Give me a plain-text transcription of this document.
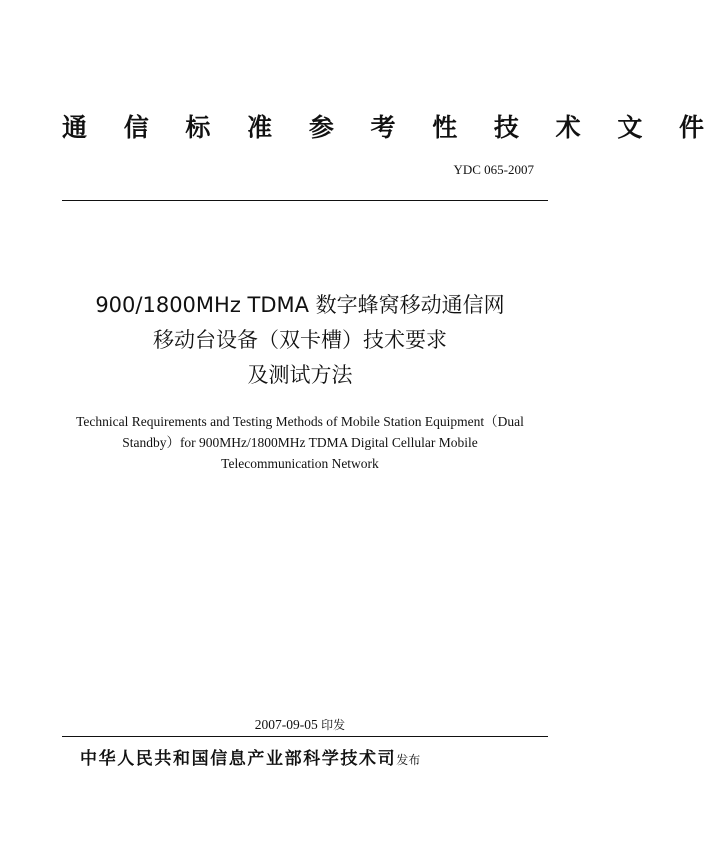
通 信 标 准 参 考 性 技 术 文 件
YDC 065-2007
900/1800MHz TDMA 数字蜂窝移动通信网
移动台设备（双卡槽）技术要求
及测试方法
Technical Requirements and Testing Methods of Mobile Station Equipment（Dual
Standby）for 900MHz/1800MHz TDMA Digital Cellular Mobile
Telecommunication Network
2007-09-05 印发
中华人民共和国信息产业部科学技术司发布
